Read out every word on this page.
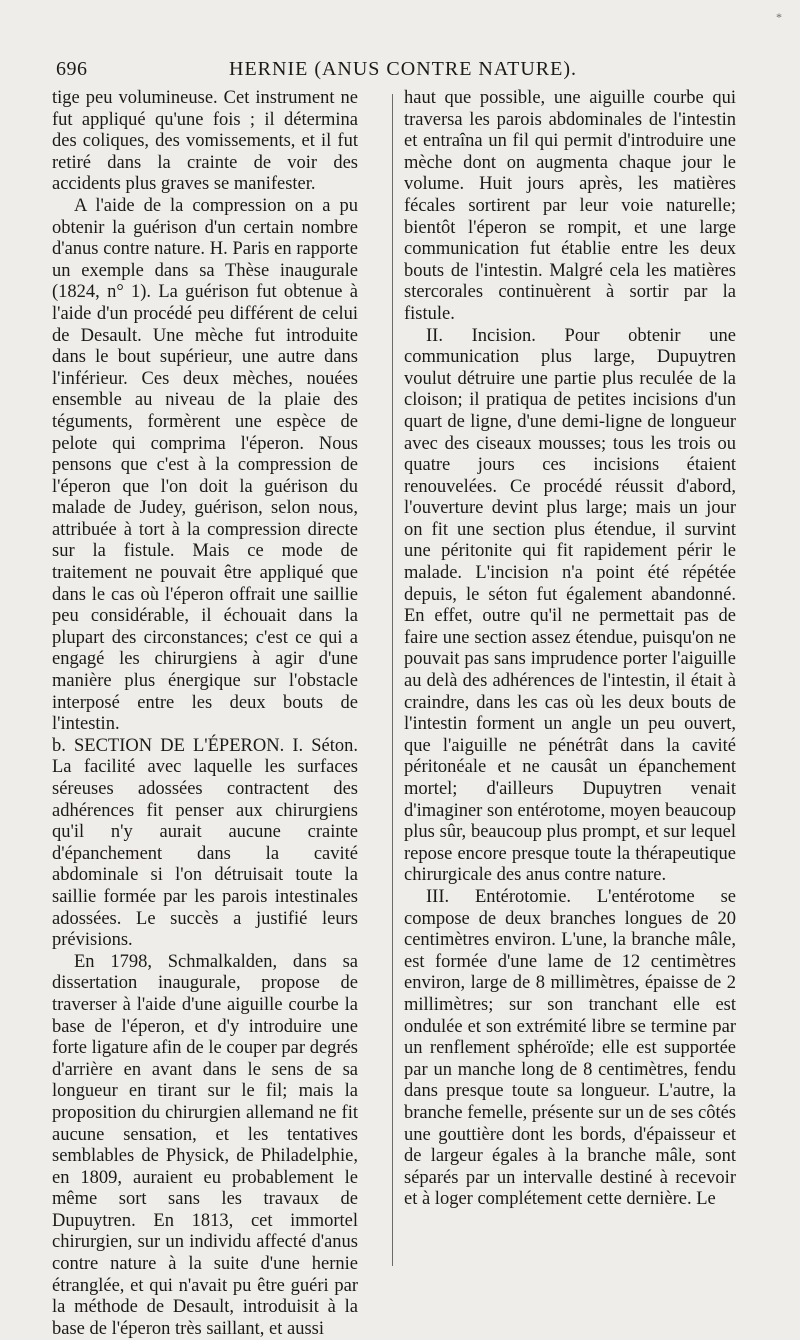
*
696	HERNIE (ANUS CONTRE NATURE).

tige peu volumineuse. Cet instrument ne fut appliqué qu'une fois ; il détermina des coliques, des vomissements, et il fut retiré dans la crainte de voir des accidents plus graves se manifester.

A l'aide de la compression on a pu obtenir la guérison d'un certain nombre d'anus contre nature. H. Paris en rapporte un exemple dans sa Thèse inaugurale (1824, n° 1). La guérison fut obtenue à l'aide d'un procédé peu différent de celui de Desault. Une mèche fut introduite dans le bout supérieur, une autre dans l'inférieur. Ces deux mèches, nouées ensemble au niveau de la plaie des téguments, formèrent une espèce de pelote qui comprima l'éperon. Nous pensons que c'est à la compression de l'éperon que l'on doit la guérison du malade de Judey, guérison, selon nous, attribuée à tort à la compression directe sur la fistule. Mais ce mode de traitement ne pouvait être appliqué que dans le cas où l'éperon offrait une saillie peu considérable, il échouait dans la plupart des circonstances; c'est ce qui a engagé les chirurgiens à agir d'une manière plus énergique sur l'obstacle interposé entre les deux bouts de l'intestin.

b. SECTION DE L'ÉPERON. I. Séton. La facilité avec laquelle les surfaces séreuses adossées contractent des adhérences fit penser aux chirurgiens qu'il n'y aurait aucune crainte d'épanchement dans la cavité abdominale si l'on détruisait toute la saillie formée par les parois intestinales adossées. Le succès a justifié leurs prévisions.

En 1798, Schmalkalden, dans sa dissertation inaugurale, propose de traverser à l'aide d'une aiguille courbe la base de l'éperon, et d'y introduire une forte ligature afin de le couper par degrés d'arrière en avant dans le sens de sa longueur en tirant sur le fil; mais la proposition du chirurgien allemand ne fit aucune sensation, et les tentatives semblables de Physick, de Philadelphie, en 1809, auraient eu probablement le même sort sans les travaux de Dupuytren. En 1813, cet immortel chirurgien, sur un individu affecté d'anus contre nature à la suite d'une hernie étranglée, et qui n'avait pu être guéri par la méthode de Desault, introduisit à la base de l'éperon très saillant, et aussi

haut que possible, une aiguille courbe qui traversa les parois abdominales de l'intestin et entraîna un fil qui permit d'introduire une mèche dont on augmenta chaque jour le volume. Huit jours après, les matières fécales sortirent par leur voie naturelle; bientôt l'éperon se rompit, et une large communication fut établie entre les deux bouts de l'intestin. Malgré cela les matières stercorales continuèrent à sortir par la fistule.

II. Incision. Pour obtenir une communication plus large, Dupuytren voulut détruire une partie plus reculée de la cloison; il pratiqua de petites incisions d'un quart de ligne, d'une demi-ligne de longueur avec des ciseaux mousses; tous les trois ou quatre jours ces incisions étaient renouvelées. Ce procédé réussit d'abord, l'ouverture devint plus large; mais un jour on fit une section plus étendue, il survint une péritonite qui fit rapidement périr le malade. L'incision n'a point été répétée depuis, le séton fut également abandonné. En effet, outre qu'il ne permettait pas de faire une section assez étendue, puisqu'on ne pouvait pas sans imprudence porter l'aiguille au delà des adhérences de l'intestin, il était à craindre, dans les cas où les deux bouts de l'intestin forment un angle un peu ouvert, que l'aiguille ne pénétrât dans la cavité péritonéale et ne causât un épanchement mortel; d'ailleurs Dupuytren venait d'imaginer son entérotome, moyen beaucoup plus sûr, beaucoup plus prompt, et sur lequel repose encore presque toute la thérapeutique chirurgicale des anus contre nature.

III. Entérotomie. L'entérotome se compose de deux branches longues de 20 centimètres environ. L'une, la branche mâle, est formée d'une lame de 12 centimètres environ, large de 8 millimètres, épaisse de 2 millimètres; sur son tranchant elle est ondulée et son extrémité libre se termine par un renflement sphéroïde; elle est supportée par un manche long de 8 centimètres, fendu dans presque toute sa longueur. L'autre, la branche femelle, présente sur un de ses côtés une gouttière dont les bords, d'épaisseur et de largeur égales à la branche mâle, sont séparés par un intervalle destiné à recevoir et à loger complétement cette dernière. Le
